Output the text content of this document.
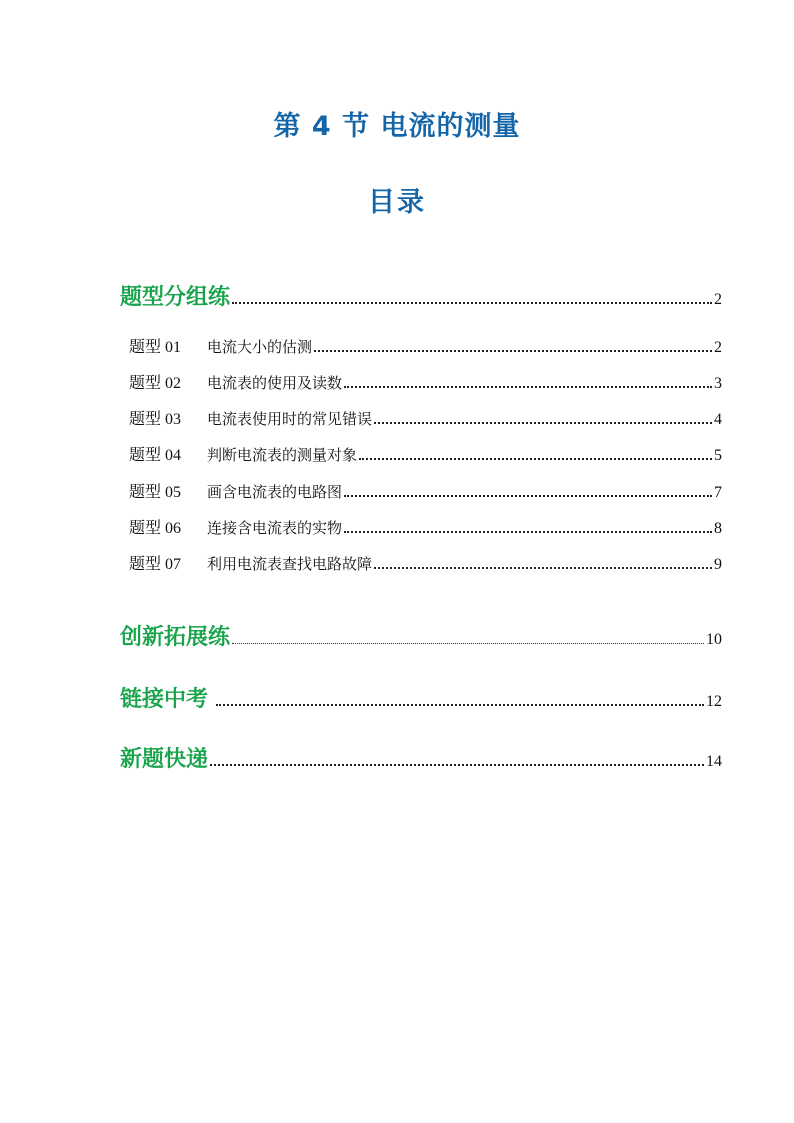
第 4 节 电流的测量
目录
题型分组练	2
题型 01	电流大小的估测	2
题型 02	电流表的使用及读数	3
题型 03	电流表使用时的常见错误	4
题型 04	判断电流表的测量对象	5
题型 05	画含电流表的电路图	7
题型 06	连接含电流表的实物	8
题型 07	利用电流表查找电路故障	9
创新拓展练	10
链接中考	12
新题快递	14
